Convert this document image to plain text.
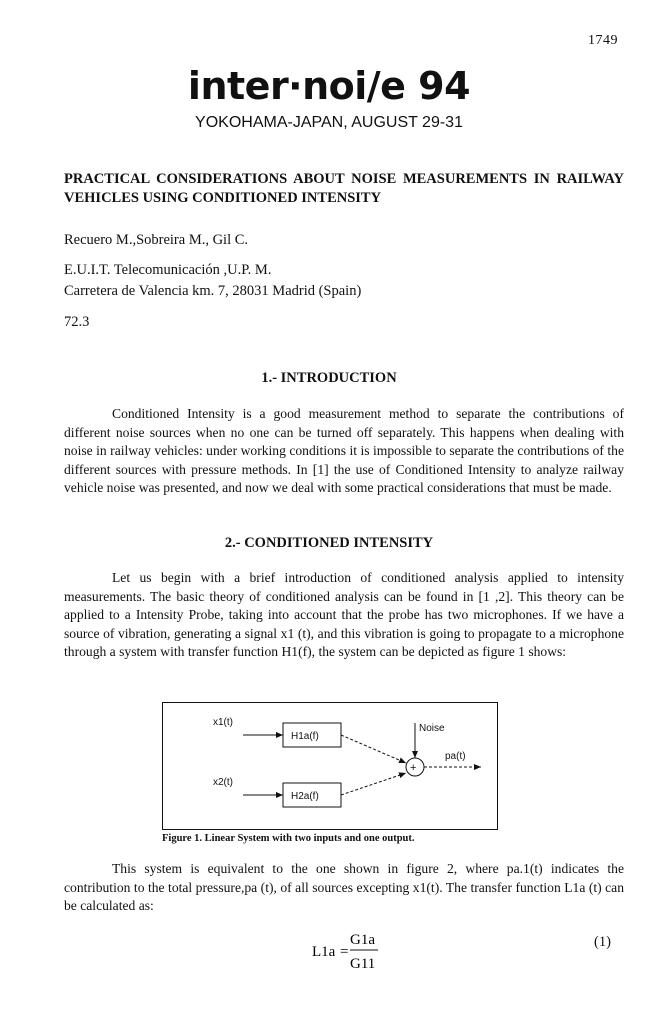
1749
inter·noi/e 94
YOKOHAMA-JAPAN, AUGUST 29-31
PRACTICAL CONSIDERATIONS ABOUT NOISE MEASUREMENTS IN RAILWAY VEHICLES USING CONDITIONED INTENSITY
Recuero M.,Sobreira M., Gil C.
E.U.I.T. Telecomunicación ,U.P. M.
Carretera de Valencia km. 7, 28031 Madrid (Spain)
72.3
1.- INTRODUCTION
Conditioned Intensity is a good measurement method to separate the contributions of different noise sources when no one can be turned off separately. This happens when dealing with noise in railway vehicles: under working conditions it is impossible to separate the contributions of the different sources with pressure methods. In [1] the use of Conditioned Intensity to analyze railway vehicle noise was presented, and now we deal with some practical considerations that must be made.
2.- CONDITIONED INTENSITY
Let us begin with a brief introduction of conditioned analysis applied to intensity measurements. The basic theory of conditioned analysis can be found in [1 ,2]. This theory can be applied to a Intensity Probe, taking into account that the probe has two microphones. If we have a source of vibration, generating a signal x1 (t), and this vibration is going to propagate to a microphone through a system with transfer function H1(f), the system can be depicted as figure 1 shows:
x1(t)
x2(t)
H1a(f)
H2a(f)
Noise
+
pa(t)
Figure 1. Linear System with two inputs and one output.
This system is equivalent to the one shown in figure 2, where pa.1(t) indicates the contribution to the total pressure,pa (t), of all sources excepting x1(t). The transfer function L1a (t) can be calculated as:
L1a =
G1a
G11
(1)
